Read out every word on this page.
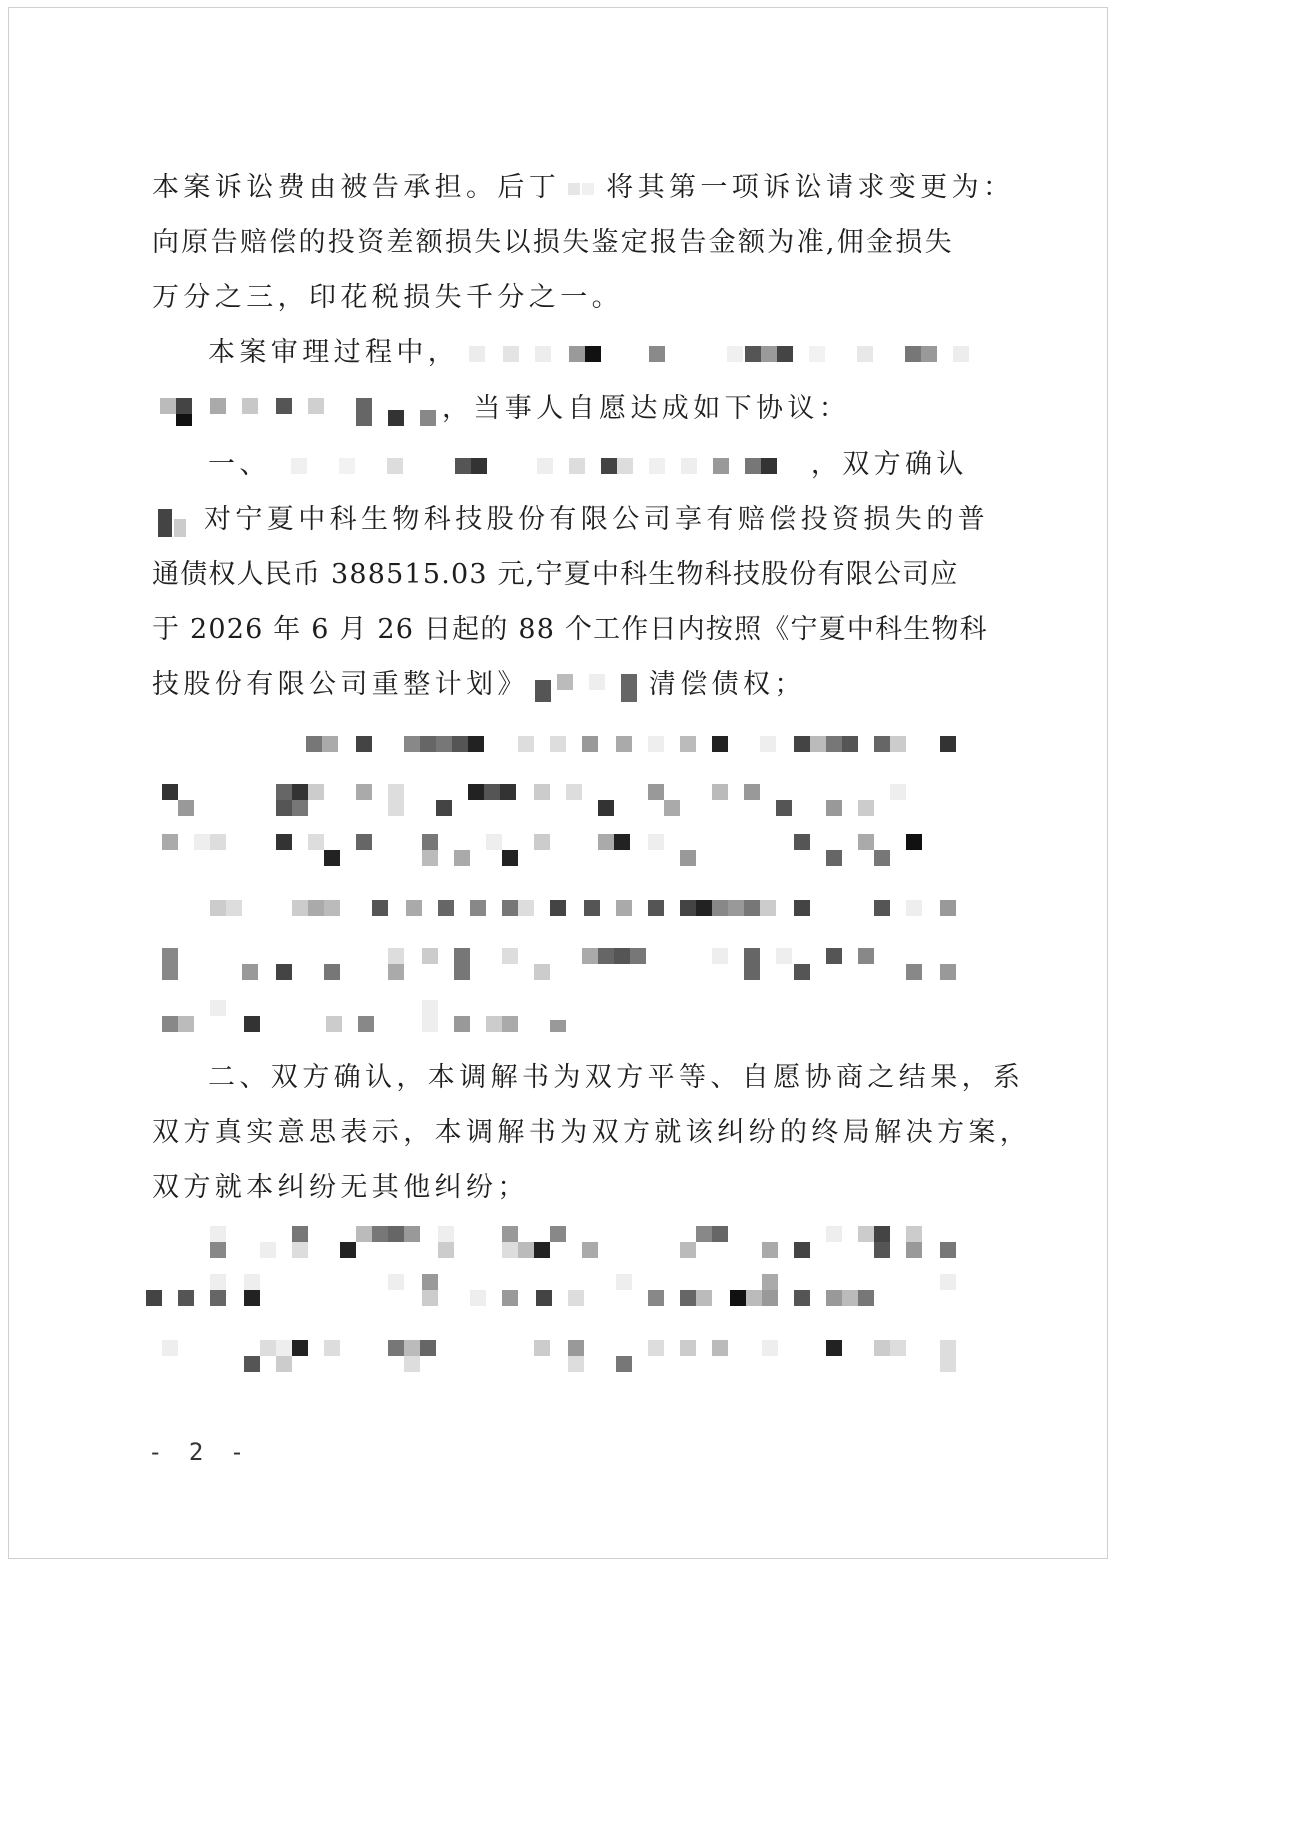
本案诉讼费由被告承担。后丁 将其第一项诉讼请求变更为：
向原告赔偿的投资差额损失以损失鉴定报告金额为准,佣金损失
万分之三，印花税损失千分之一。
本案审理过程中，
，当事人自愿达成如下协议：
一、	，双方确认
对宁夏中科生物科技股份有限公司享有赔偿投资损失的普
通债权人民币 388515.03 元,宁夏中科生物科技股份有限公司应
于 2026 年 6 月 26 日起的 88 个工作日内按照《宁夏中科生物科
技股份有限公司重整计划》	清偿债权；
二、双方确认，本调解书为双方平等、自愿协商之结果，系
双方真实意思表示，本调解书为双方就该纠纷的终局解决方案，
双方就本纠纷无其他纠纷；
- 2 -
